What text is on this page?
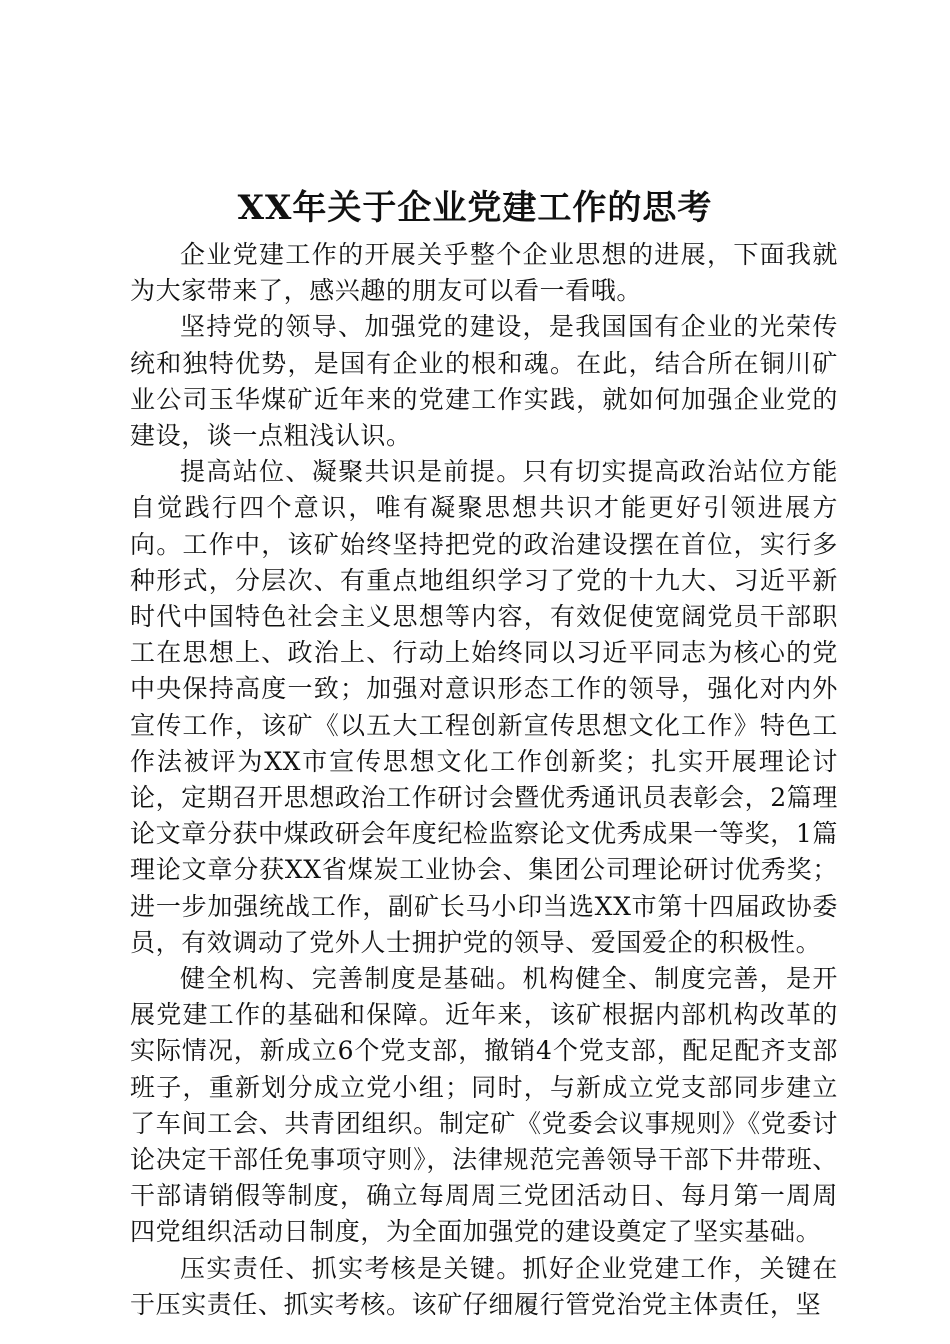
XX年关于企业党建工作的思考

企业党建工作的开展关乎整个企业思想的进展，下面我就为大家带来了，感兴趣的朋友可以看一看哦。

坚持党的领导、加强党的建设，是我国国有企业的光荣传统和独特优势，是国有企业的根和魂。在此，结合所在铜川矿业公司玉华煤矿近年来的党建工作实践，就如何加强企业党的建设，谈一点粗浅认识。

提高站位、凝聚共识是前提。只有切实提高政治站位方能自觉践行四个意识，唯有凝聚思想共识才能更好引领进展方向。工作中，该矿始终坚持把党的政治建设摆在首位，实行多种形式，分层次、有重点地组织学习了党的十九大、习近平新时代中国特色社会主义思想等内容，有效促使宽阔党员干部职工在思想上、政治上、行动上始终同以习近平同志为核心的党中央保持高度一致；加强对意识形态工作的领导，强化对内外宣传工作，该矿《以五大工程创新宣传思想文化工作》特色工作法被评为XX市宣传思想文化工作创新奖；扎实开展理论讨论，定期召开思想政治工作研讨会暨优秀通讯员表彰会，2篇理论文章分获中煤政研会年度纪检监察论文优秀成果一等奖，1篇理论文章分获XX省煤炭工业协会、集团公司理论研讨优秀奖；进一步加强统战工作，副矿长马小印当选XX市第十四届政协委员，有效调动了党外人士拥护党的领导、爱国爱企的积极性。

健全机构、完善制度是基础。机构健全、制度完善，是开展党建工作的基础和保障。近年来，该矿根据内部机构改革的实际情况，新成立6个党支部，撤销4个党支部，配足配齐支部班子，重新划分成立党小组；同时，与新成立党支部同步建立了车间工会、共青团组织。制定矿《党委会议事规则》《党委讨论决定干部任免事项守则》，法律规范完善领导干部下井带班、干部请销假等制度，确立每周周三党团活动日、每月第一周周四党组织活动日制度，为全面加强党的建设奠定了坚实基础。

压实责任、抓实考核是关键。抓好企业党建工作，关键在于压实责任、抓实考核。该矿仔细履行管党治党主体责任，坚
